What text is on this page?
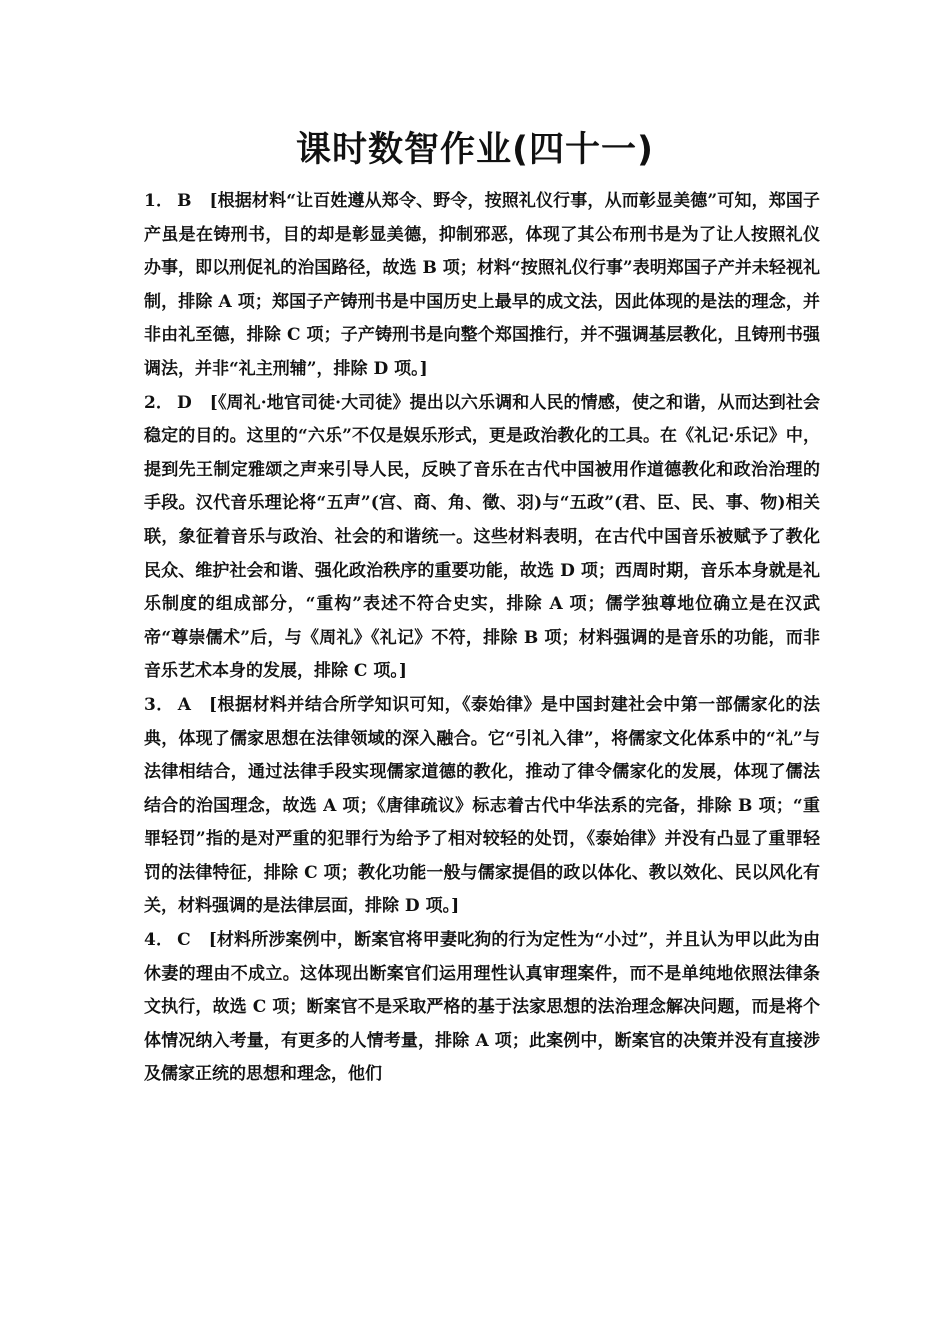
课时数智作业(四十一)

1． B [根据材料“让百姓遵从郑令、野令，按照礼仪行事，从而彰显美德”可知，郑国子产虽是在铸刑书，目的却是彰显美德，抑制邪恶，体现了其公布刑书是为了让人按照礼仪办事，即以刑促礼的治国路径，故选 B 项；材料“按照礼仪行事”表明郑国子产并未轻视礼制，排除 A 项；郑国子产铸刑书是中国历史上最早的成文法，因此体现的是法的理念，并非由礼至德，排除 C 项；子产铸刑书是向整个郑国推行，并不强调基层教化，且铸刑书强调法，并非“礼主刑辅”，排除 D 项。]

2． D [《周礼·地官司徒·大司徒》提出以六乐调和人民的情感，使之和谐，从而达到社会稳定的目的。这里的“六乐”不仅是娱乐形式，更是政治教化的工具。在《礼记·乐记》中，提到先王制定雅颂之声来引导人民，反映了音乐在古代中国被用作道德教化和政治治理的手段。汉代音乐理论将“五声”(宫、商、角、徵、羽)与“五政”(君、臣、民、事、物)相关联，象征着音乐与政治、社会的和谐统一。这些材料表明，在古代中国音乐被赋予了教化民众、维护社会和谐、强化政治秩序的重要功能，故选 D 项；西周时期，音乐本身就是礼乐制度的组成部分，“重构”表述不符合史实，排除 A 项；儒学独尊地位确立是在汉武帝“尊崇儒术”后，与《周礼》《礼记》不符，排除 B 项；材料强调的是音乐的功能，而非音乐艺术本身的发展，排除 C 项。]

3． A [根据材料并结合所学知识可知，《泰始律》是中国封建社会中第一部儒家化的法典，体现了儒家思想在法律领域的深入融合。它“引礼入律”，将儒家文化体系中的“礼”与法律相结合，通过法律手段实现儒家道德的教化，推动了律令儒家化的发展，体现了儒法结合的治国理念，故选 A 项；《唐律疏议》标志着古代中华法系的完备，排除 B 项；“重罪轻罚”指的是对严重的犯罪行为给予了相对较轻的处罚，《泰始律》并没有凸显了重罪轻罚的法律特征，排除 C 项；教化功能一般与儒家提倡的政以体化、教以效化、民以风化有关，材料强调的是法律层面，排除 D 项。]

4． C [材料所涉案例中，断案官将甲妻叱狗的行为定性为“小过”，并且认为甲以此为由休妻的理由不成立。这体现出断案官们运用理性认真审理案件，而不是单纯地依照法律条文执行，故选 C 项；断案官不是采取严格的基于法家思想的法治理念解决问题，而是将个体情况纳入考量，有更多的人情考量，排除 A 项；此案例中，断案官的决策并没有直接涉及儒家正统的思想和理念，他们
